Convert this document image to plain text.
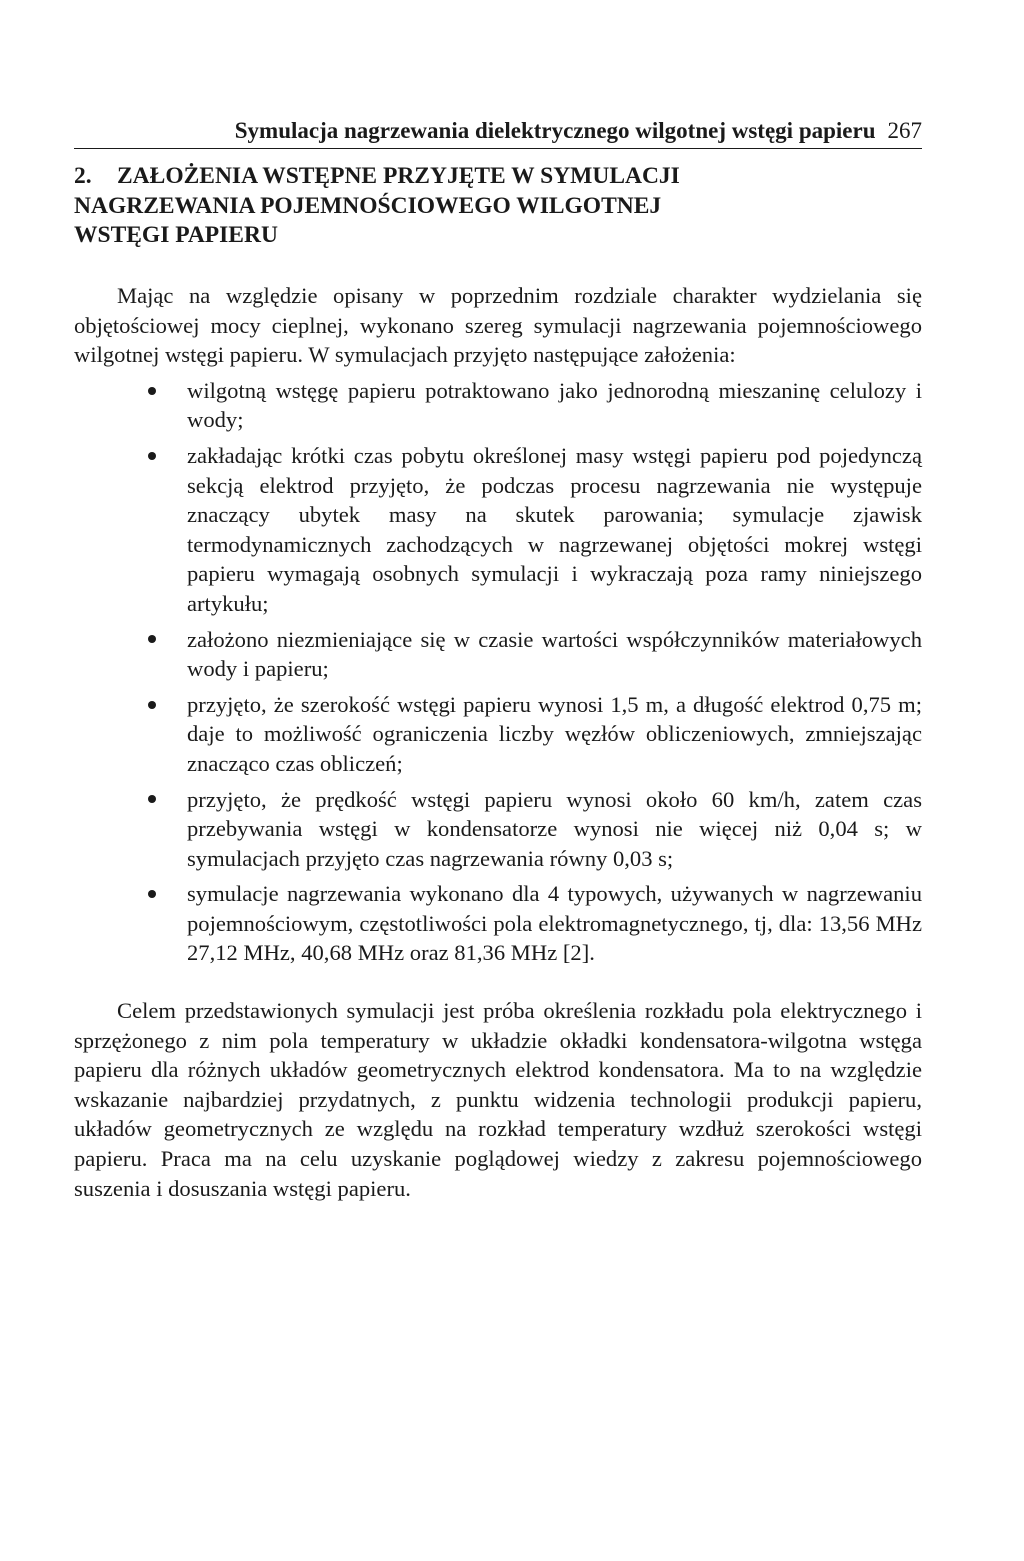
Symulacja nagrzewania dielektrycznego wilgotnej wstęgi papieru 267
2. ZAŁOŻENIA WSTĘPNE PRZYJĘTE W SYMULACJI
NAGRZEWANIA POJEMNOŚCIOWEGO WILGOTNEJ
WSTĘGI PAPIERU

Mając na względzie opisany w poprzednim rozdziale charakter wydzielania się objętościowej mocy cieplnej, wykonano szereg symulacji nagrzewania pojemnościowego wilgotnej wstęgi papieru. W symulacjach przyjęto następujące założenia:

wilgotną wstęgę papieru potraktowano jako jednorodną mieszaninę celulozy i wody;
zakładając krótki czas pobytu określonej masy wstęgi papieru pod pojedynczą sekcją elektrod przyjęto, że podczas procesu nagrzewania nie występuje znaczący ubytek masy na skutek parowania; symulacje zjawisk termodynamicznych zachodzących w nagrzewanej objętości mokrej wstęgi papieru wymagają osobnych symulacji i wykraczają poza ramy niniejszego artykułu;
założono niezmieniające się w czasie wartości współczynników materiałowych wody i papieru;
przyjęto, że szerokość wstęgi papieru wynosi 1,5 m, a długość elektrod 0,75 m; daje to możliwość ograniczenia liczby węzłów obliczeniowych, zmniejszając znacząco czas obliczeń;
przyjęto, że prędkość wstęgi papieru wynosi około 60 km/h, zatem czas przebywania wstęgi w kondensatorze wynosi nie więcej niż 0,04 s; w symulacjach przyjęto czas nagrzewania równy 0,03 s;
symulacje nagrzewania wykonano dla 4 typowych, używanych w nagrzewaniu pojemnościowym, częstotliwości pola elektromagnetycznego, tj, dla: 13,56 MHz 27,12 MHz, 40,68 MHz oraz 81,36 MHz [2].

Celem przedstawionych symulacji jest próba określenia rozkładu pola elektrycznego i sprzężonego z nim pola temperatury w układzie okładki kondensatora-wilgotna wstęga papieru dla różnych układów geometrycznych elektrod kondensatora. Ma to na względzie wskazanie najbardziej przydatnych, z punktu widzenia technologii produkcji papieru, układów geometrycznych ze względu na rozkład temperatury wzdłuż szerokości wstęgi papieru. Praca ma na celu uzyskanie poglądowej wiedzy z zakresu pojemnościowego suszenia i dosuszania wstęgi papieru.
